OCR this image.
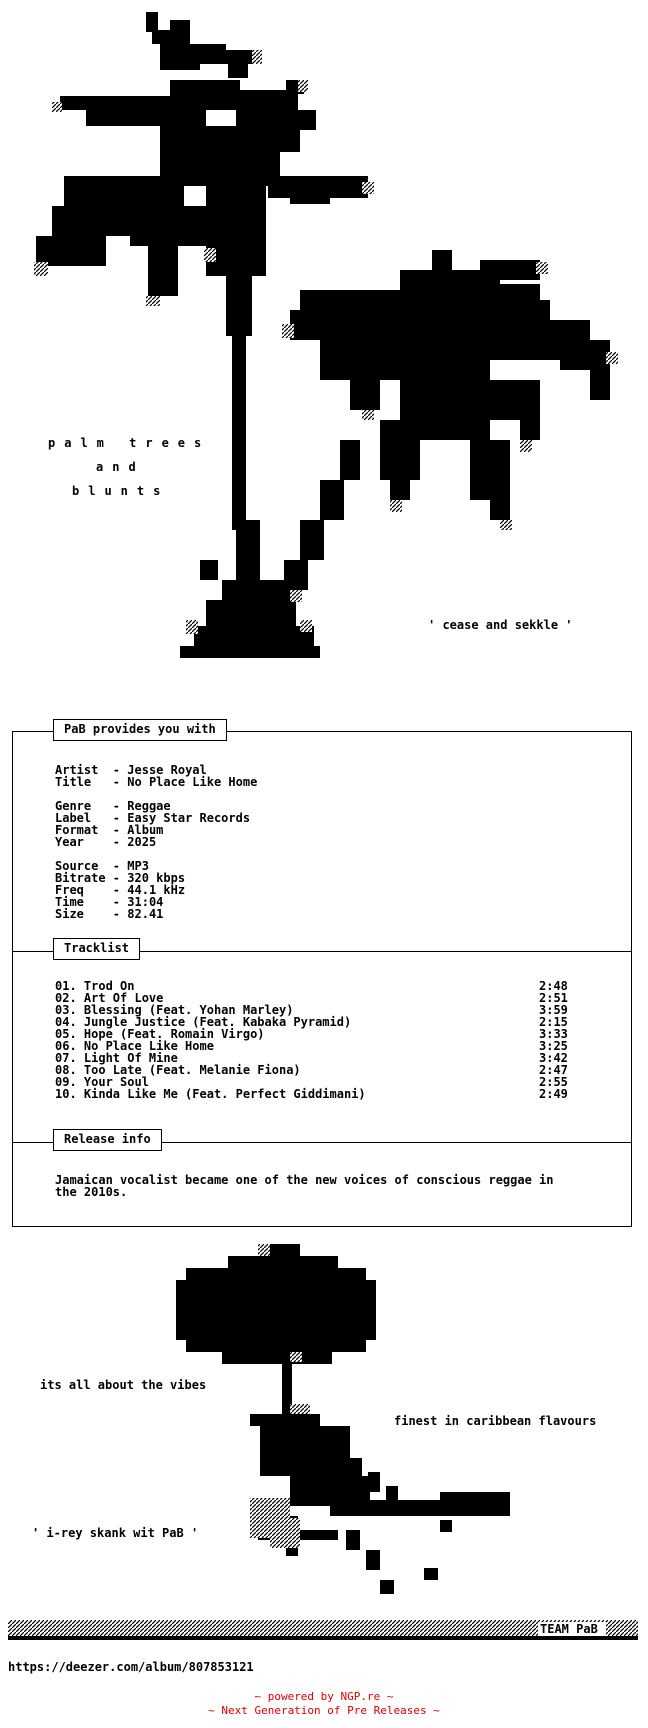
palm trees
and
blunts
' cease and sekkle '
PaB provides you with
Artist  - Jesse Royal
Title   - No Place Like Home
Genre   - Reggae
Label   - Easy Star Records
Format  - Album
Year    - 2025
Source  - MP3
Bitrate - 320 kbps
Freq    - 44.1 kHz
Time    - 31:04
Size    - 82.41
Tracklist
01. Trod On	2:48
02. Art Of Love	2:51
03. Blessing (Feat. Yohan Marley)	3:59
04. Jungle Justice (Feat. Kabaka Pyramid)	2:15
05. Hope (Feat. Romain Virgo)	3:33
06. No Place Like Home	3:25
07. Light Of Mine	3:42
08. Too Late (Feat. Melanie Fiona)	2:47
09. Your Soul	2:55
10. Kinda Like Me (Feat. Perfect Giddimani)	2:49
Release info
Jamaican vocalist became one of the new voices of conscious reggae in
the 2010s.
its all about the vibes
finest in caribbean flavours
' i-rey skank wit PaB '
TEAM PaB
https://deezer.com/album/807853121
~ powered by NGP.re ~
~ Next Generation of Pre Releases ~
